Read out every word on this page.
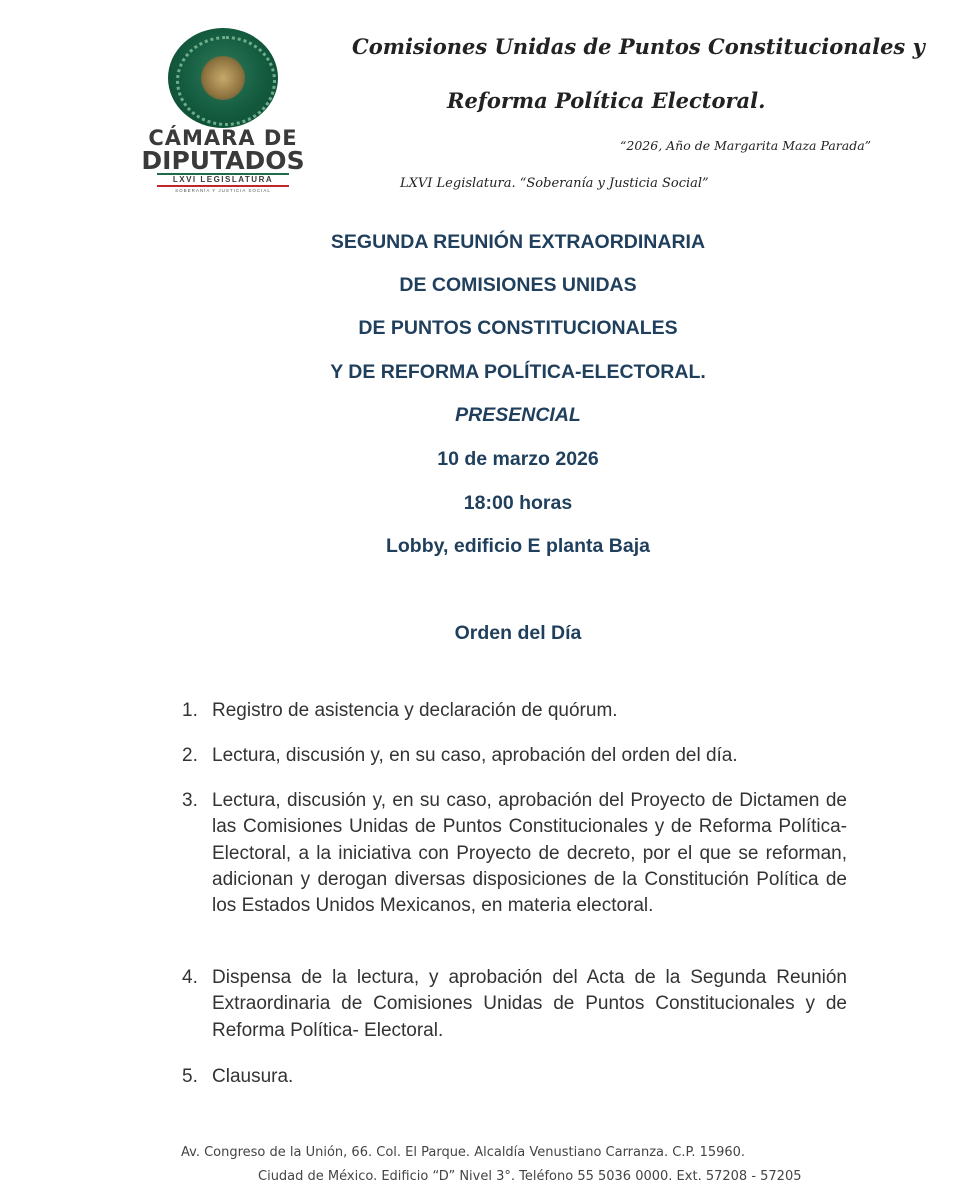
CÁMARA DE
DIPUTADOS
LXVI LEGISLATURA
SOBERANÍA Y JUSTICIA SOCIAL
Comisiones Unidas de Puntos Constitucionales y
Reforma Política Electoral.
“2026, Año de Margarita Maza Parada”
LXVI Legislatura. “Soberanía y Justicia Social”
SEGUNDA REUNIÓN EXTRAORDINARIA
DE COMISIONES UNIDAS
DE PUNTOS CONSTITUCIONALES
Y DE REFORMA POLÍTICA-ELECTORAL.
PRESENCIAL
10 de marzo 2026
18:00 horas
Lobby, edificio E planta Baja
Orden del Día
1. Registro de asistencia y declaración de quórum.
2. Lectura, discusión y, en su caso, aprobación del orden del día.
3. Lectura, discusión y, en su caso, aprobación del Proyecto de Dictamen de las Comisiones Unidas de Puntos Constitucionales y de Reforma Política-Electoral, a la iniciativa con Proyecto de decreto, por el que se reforman, adicionan y derogan diversas disposiciones de la Constitución Política de los Estados Unidos Mexicanos, en materia electoral.
4. Dispensa de la lectura, y aprobación del Acta de la Segunda Reunión Extraordinaria de Comisiones Unidas de Puntos Constitucionales y de Reforma Política- Electoral.
5. Clausura.
Av. Congreso de la Unión, 66. Col. El Parque. Alcaldía Venustiano Carranza. C.P. 15960.
Ciudad de México. Edificio “D” Nivel 3°. Teléfono 55 5036 0000. Ext. 57208 - 57205
